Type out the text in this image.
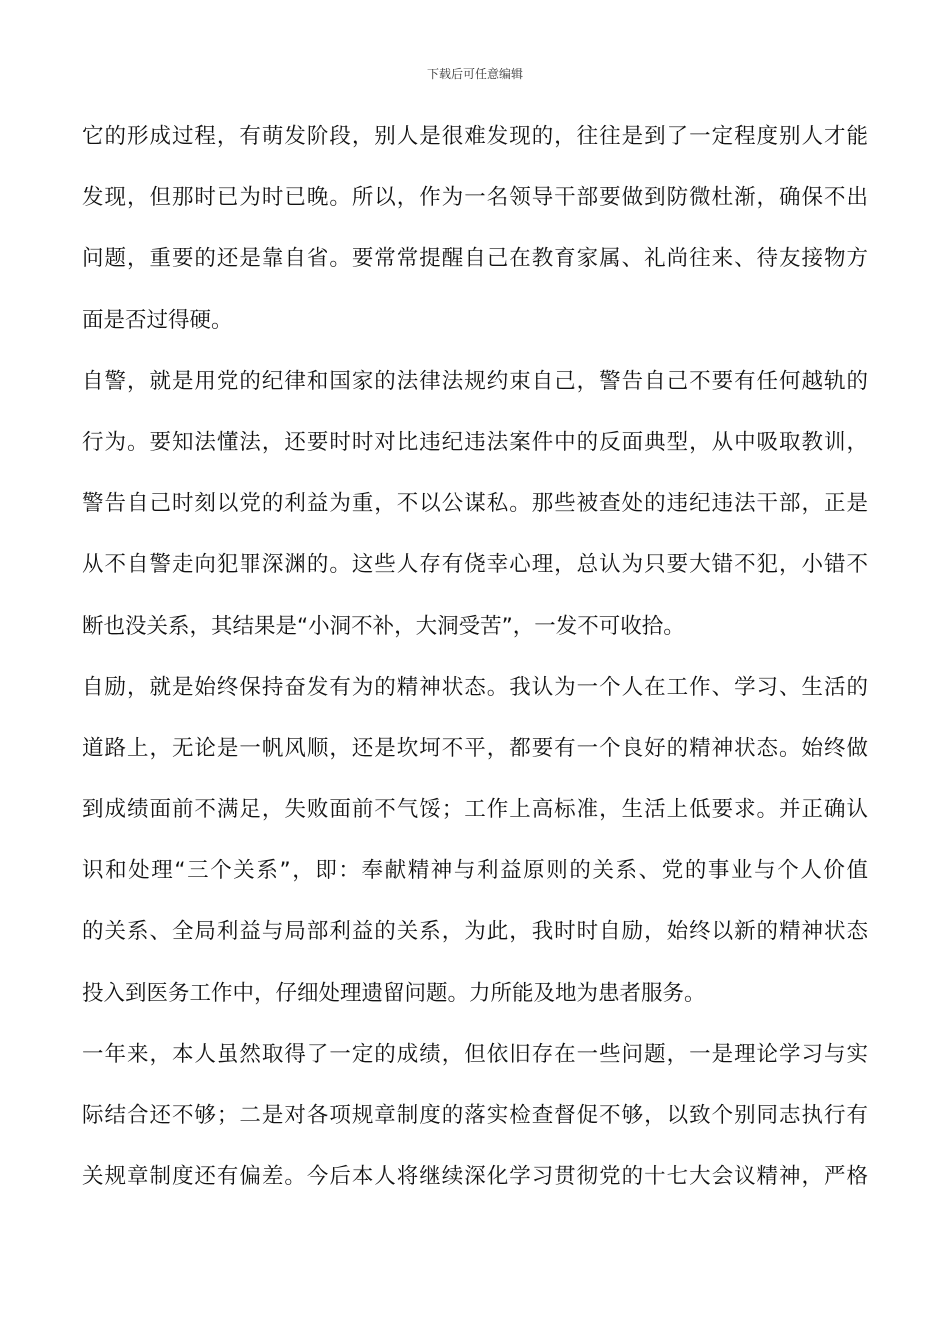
下载后可任意编辑
它的形成过程，有萌发阶段，别人是很难发现的，往往是到了一定程度别人才能
发现，但那时已为时已晚。所以，作为一名领导干部要做到防微杜渐，确保不出
问题，重要的还是靠自省。要常常提醒自己在教育家属、礼尚往来、待友接物方
面是否过得硬。
自警，就是用党的纪律和国家的法律法规约束自己，警告自己不要有任何越轨的
行为。要知法懂法，还要时时对比违纪违法案件中的反面典型，从中吸取教训，
警告自己时刻以党的利益为重，不以公谋私。那些被查处的违纪违法干部，正是
从不自警走向犯罪深渊的。这些人存有侥幸心理，总认为只要大错不犯，小错不
断也没关系，其结果是“小洞不补，大洞受苦”，一发不可收拾。
自励，就是始终保持奋发有为的精神状态。我认为一个人在工作、学习、生活的
道路上，无论是一帆风顺，还是坎坷不平，都要有一个良好的精神状态。始终做
到成绩面前不满足，失败面前不气馁；工作上高标准，生活上低要求。并正确认
识和处理“三个关系”，即：奉献精神与利益原则的关系、党的事业与个人价值
的关系、全局利益与局部利益的关系，为此，我时时自励，始终以新的精神状态
投入到医务工作中，仔细处理遗留问题。力所能及地为患者服务。
一年来，本人虽然取得了一定的成绩，但依旧存在一些问题，一是理论学习与实
际结合还不够；二是对各项规章制度的落实检查督促不够，以致个别同志执行有
关规章制度还有偏差。今后本人将继续深化学习贯彻党的十七大会议精神，严格
